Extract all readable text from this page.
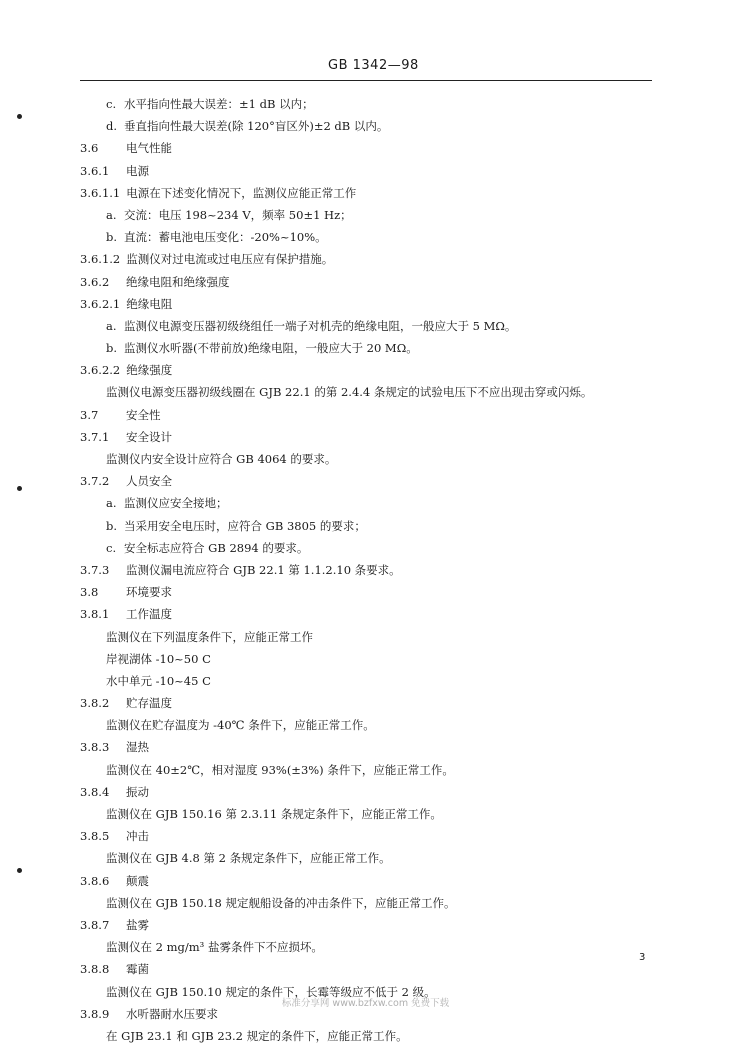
GB 1342—98
c. 水平指向性最大误差：±1 dB 以内；
d. 垂直指向性最大误差(除 120°盲区外)±2 dB 以内。
3.6 电气性能
3.6.1 电源
3.6.1.1 电源在下述变化情况下，监测仪应能正常工作
a. 交流：电压 198~234 V，频率 50±1 Hz；
b. 直流：蓄电池电压变化：-20%~10%。
3.6.1.2 监测仪对过电流或过电压应有保护措施。
3.6.2 绝缘电阻和绝缘强度
3.6.2.1 绝缘电阻
a. 监测仪电源变压器初级绕组任一端子对机壳的绝缘电阻，一般应大于 5 MΩ。
b. 监测仪水听器(不带前放)绝缘电阻，一般应大于 20 MΩ。
3.6.2.2 绝缘强度
监测仪电源变压器初级线圈在 GJB 22.1 的第 2.4.4 条规定的试验电压下不应出现击穿或闪烁。
3.7 安全性
3.7.1 安全设计
监测仪内安全设计应符合 GB 4064 的要求。
3.7.2 人员安全
a. 监测仪应安全接地；
b. 当采用安全电压时，应符合 GB 3805 的要求；
c. 安全标志应符合 GB 2894 的要求。
3.7.3 监测仪漏电流应符合 GJB 22.1 第 1.1.2.10 条要求。
3.8 环境要求
3.8.1 工作温度
监测仪在下列温度条件下，应能正常工作
岸视湖体 -10~50 C
水中单元 -10~45 C
3.8.2 贮存温度
监测仪在贮存温度为 -40℃ 条件下，应能正常工作。
3.8.3 湿热
监测仪在 40±2℃，相对湿度 93%(±3%) 条件下，应能正常工作。
3.8.4 振动
监测仪在 GJB 150.16 第 2.3.11 条规定条件下，应能正常工作。
3.8.5 冲击
监测仪在 GJB 4.8 第 2 条规定条件下，应能正常工作。
3.8.6 颠震
监测仪在 GJB 150.18 规定舰船设备的冲击条件下，应能正常工作。
3.8.7 盐雾
监测仪在 2 mg/m³ 盐雾条件下不应损坏。
3.8.8 霉菌
监测仪在 GJB 150.10 规定的条件下，长霉等级应不低于 2 级。
3.8.9 水听器耐水压要求
在 GJB 23.1 和 GJB 23.2 规定的条件下，应能正常工作。
3
标准分享网 www.bzfxw.com 免费下载
